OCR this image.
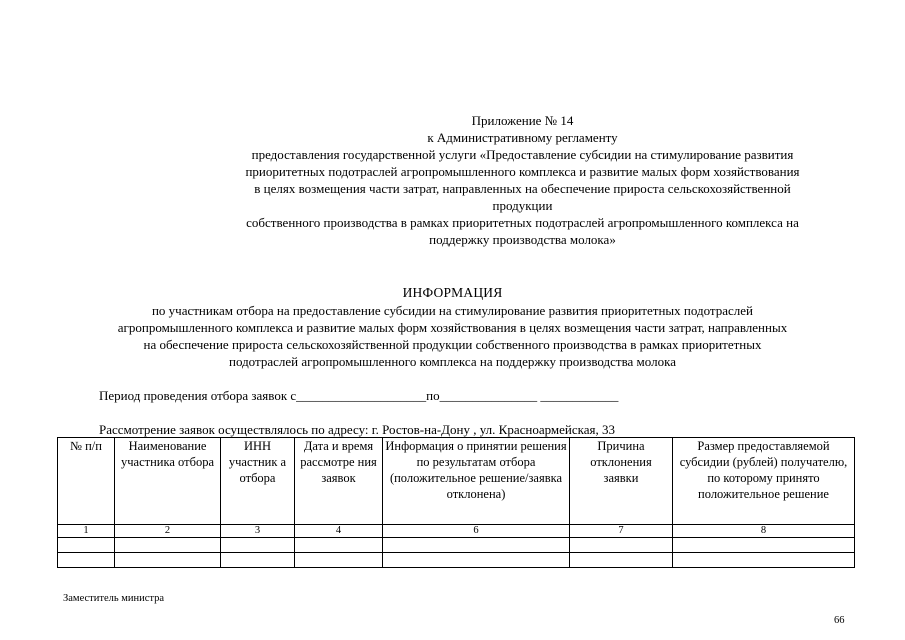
Приложение № 14
к Административному регламенту
предоставления государственной услуги «Предоставление субсидии на стимулирование развития
приоритетных подотраслей агропромышленного комплекса и развитие малых форм хозяйствования
в целях возмещения части затрат, направленных на обеспечение прироста сельскохозяйственной
продукции
собственного производства в рамках приоритетных подотраслей агропромышленного комплекса на
поддержку производства молока»
ИНФОРМАЦИЯ
по участникам отбора на предоставление субсидии на стимулирование развития приоритетных подотраслей
агропромышленного комплекса и развитие малых форм хозяйствования в целях возмещения части затрат, направленных
на обеспечение прироста сельскохозяйственной продукции собственного производства в рамках приоритетных
подотраслей агропромышленного комплекса на поддержку производства молока
Период проведения отбора заявок с____________________по_______________ ____________
Рассмотрение заявок осуществлялось по адресу: г. Ростов-на-Дону , ул. Красноармейская, 33
№ п/п	Наименование участника отбора	ИНН участник а отбора	Дата и время рассмотре ния заявок	Информация о принятии решения по результатам отбора (положительное решение/заявка отклонена)	Причина отклонения заявки	Размер предоставляемой субсидии (рублей) получателю, по которому принято положительное решение
1	2	3	4	6	7	8

Заместитель министра
66
